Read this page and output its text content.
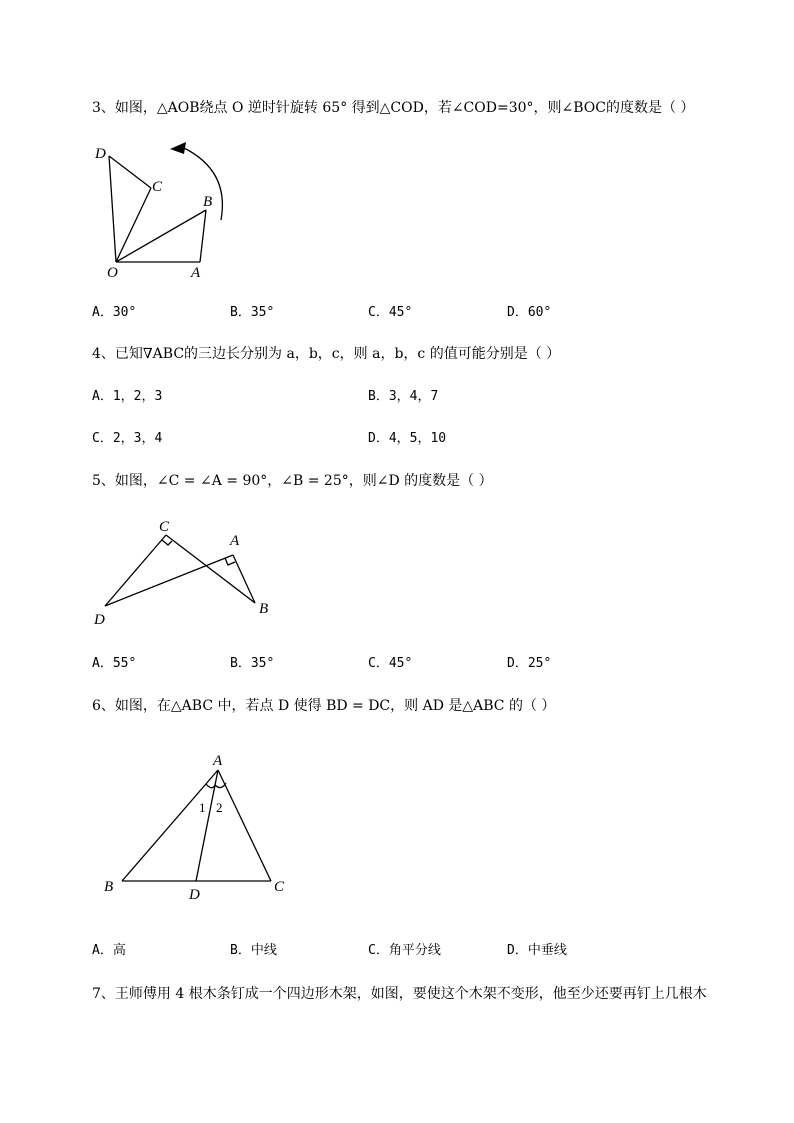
3、如图，△AOB绕点 O 逆时针旋转 65° 得到△COD，若∠COD=30°，则∠BOC的度数是（ ）
D
C
B
O	A
A．30°	B．35°	C．45°	D．60°
4、已知∇ABC的三边长分别为 a，b，c，则 a，b，c 的值可能分别是（ ）
A．1，2，3	B．3，4，7
C．2，3，4	D．4，5，10
5、如图，∠C = ∠A = 90°，∠B = 25°，则∠D 的度数是（ ）
C
A
D
B
A．55°	B．35°	C．45°	D．25°
6、如图，在△ABC 中，若点 D 使得 BD = DC，则 AD 是△ABC 的（ ）
A
B	C
D
1 2
A．高	B．中线	C．角平分线	D．中垂线
7、王师傅用 4 根木条钉成一个四边形木架，如图，要使这个木架不变形，他至少还要再钉上几根木
